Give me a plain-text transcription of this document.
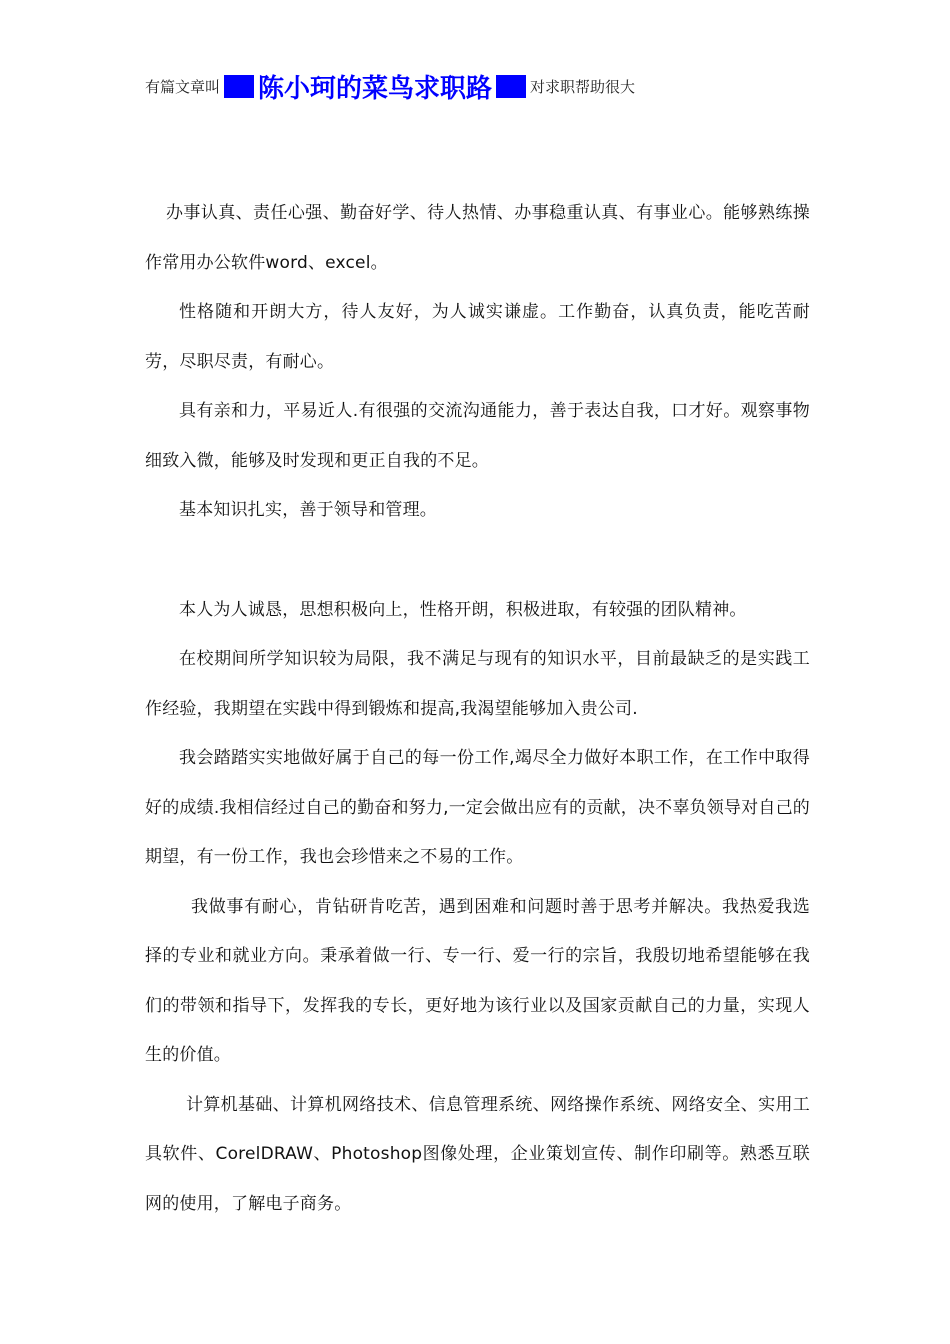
有篇文章叫 陈小珂的菜鸟求职路	对求职帮助很大

办事认真、责任心强、勤奋好学、待人热情、办事稳重认真、有事业心。能够熟练操作常用办公软件word、excel。

性格随和开朗大方，待人友好，为人诚实谦虚。工作勤奋，认真负责，能吃苦耐劳，尽职尽责，有耐心。

具有亲和力，平易近人.有很强的交流沟通能力，善于表达自我，口才好。观察事物细致入微，能够及时发现和更正自我的不足。

基本知识扎实，善于领导和管理。

本人为人诚恳，思想积极向上，性格开朗，积极进取，有较强的团队精神。

在校期间所学知识较为局限，我不满足与现有的知识水平，目前最缺乏的是实践工作经验，我期望在实践中得到锻炼和提高,我渴望能够加入贵公司.

我会踏踏实实地做好属于自己的每一份工作,竭尽全力做好本职工作，在工作中取得好的成绩.我相信经过自己的勤奋和努力,一定会做出应有的贡献，决不辜负领导对自己的期望，有一份工作，我也会珍惜来之不易的工作。

我做事有耐心，肯钻研肯吃苦，遇到困难和问题时善于思考并解决。我热爱我选择的专业和就业方向。秉承着做一行、专一行、爱一行的宗旨，我殷切地希望能够在我们的带领和指导下，发挥我的专长，更好地为该行业以及国家贡献自己的力量，实现人生的价值。

计算机基础、计算机网络技术、信息管理系统、网络操作系统、网络安全、实用工具软件、CorelDRAW、Photoshop图像处理，企业策划宣传、制作印刷等。熟悉互联网的使用，了解电子商务。
